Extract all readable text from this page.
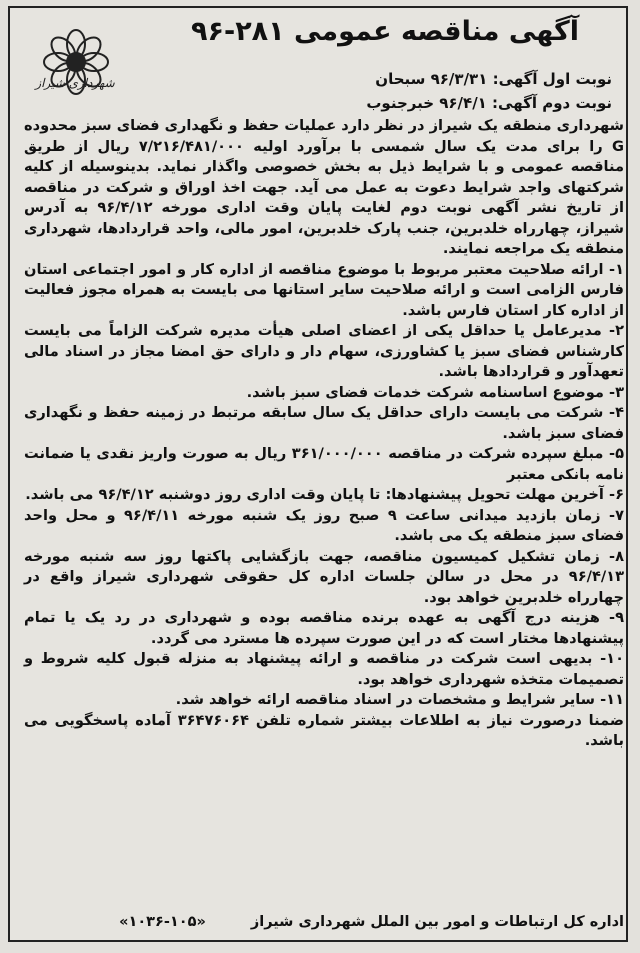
شهرداری شیراز
آگهی مناقصه عمومی ۲۸۱-۹۶
نوبت اول آگهی: ۹۶/۳/۳۱ سبحان
نوبت دوم آگهی: ۹۶/۴/۱ خبرجنوب

شهرداری منطقه یک شیراز در نظر دارد عملیات حفظ و نگهداری فضای سبز محدوده G را برای مدت یک سال شمسی با برآورد اولیه ۷/۲۱۶/۴۸۱/۰۰۰ ریال از طریق مناقصه عمومی و با شرایط ذیل به بخش خصوصی واگذار نماید. بدینوسیله از کلیه شرکتهای واجد شرایط دعوت به عمل می آید. جهت اخذ اوراق و شرکت در مناقصه از تاریخ نشر آگهی نوبت دوم لغایت پایان وقت اداری مورخه ۹۶/۴/۱۲ به آدرس شیراز، چهارراه خلدبرین، جنب پارک خلدبرین، امور مالی، واحد قراردادها، شهرداری منطقه یک مراجعه نمایند.

۱- ارائه صلاحیت معتبر مربوط با موضوع مناقصه از اداره کار و امور اجتماعی استان فارس الزامی است و ارائه صلاحیت سایر استانها می بایست به همراه مجوز فعالیت از اداره کار استان فارس باشد.

۲- مدیرعامل یا حداقل یکی از اعضای اصلی هیأت مدیره شرکت الزاماً می بایست کارشناس فضای سبز یا کشاورزی، سهام دار و دارای حق امضا مجاز در اسناد مالی تعهدآور و قراردادها باشد.

۳- موضوع اساسنامه شرکت خدمات فضای سبز باشد.

۴- شرکت می بایست دارای حداقل یک سال سابقه مرتبط در زمینه حفظ و نگهداری فضای سبز باشد.

۵- مبلغ سپرده شرکت در مناقصه ۳۶۱/۰۰۰/۰۰۰ ریال به صورت واریز نقدی یا ضمانت نامه بانکی معتبر

۶- آخرین مهلت تحویل پیشنهادها: تا پایان وقت اداری روز دوشنبه ۹۶/۴/۱۲ می باشد.

۷- زمان بازدید میدانی ساعت ۹ صبح روز یک شنبه مورخه ۹۶/۴/۱۱ و محل واحد فضای سبز منطقه یک می باشد.

۸- زمان تشکیل کمیسیون مناقصه، جهت بازگشایی پاکتها روز سه شنبه مورخه ۹۶/۴/۱۳ در محل در سالن جلسات اداره کل حقوقی شهرداری شیراز واقع در چهارراه خلدبرین خواهد بود.

۹- هزینه درج آگهی به عهده برنده مناقصه بوده و شهرداری در رد یک یا تمام پیشنهادها مختار است که در این صورت سپرده ها مسترد می گردد.

۱۰- بدیهی است شرکت در مناقصه و ارائه پیشنهاد به منزله قبول کلیه شروط و تصمیمات متخذه شهرداری خواهد بود.

۱۱- سایر شرایط و مشخصات در اسناد مناقصه ارائه خواهد شد.

ضمنا درصورت نیاز به اطلاعات بیشتر شماره تلفن ۳۶۴۷۶۰۶۴ آماده پاسخگویی می باشد.

اداره کل ارتباطات و امور بین الملل شهرداری شیراز «۱۰۵-۱۰۳۶»
